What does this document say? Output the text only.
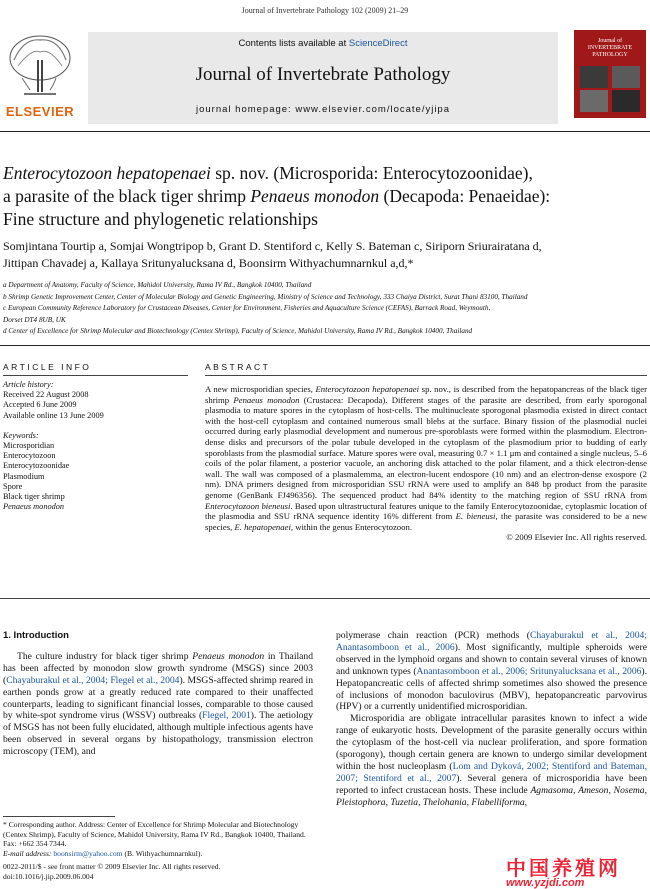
Journal of Invertebrate Pathology 102 (2009) 21–29
ELSEVIER
Contents lists available at ScienceDirect
Journal of Invertebrate Pathology
journal homepage: www.elsevier.com/locate/yjipa
Journal of INVERTEBRATE PATHOLOGY
Enterocytozoon hepatopenaei sp. nov. (Microsporida: Enterocytozoonidae),
a parasite of the black tiger shrimp Penaeus monodon (Decapoda: Penaeidae):
Fine structure and phylogenetic relationships
Somjintana Tourtip a, Somjai Wongtripop b, Grant D. Stentiford c, Kelly S. Bateman c, Siriporn Sriurairatana d,
Jittipan Chavadej a, Kallaya Sritunyalucksana d, Boonsirm Withyachumnarnkul a,d,*
a Department of Anatomy, Faculty of Science, Mahidol University, Rama IV Rd., Bangkok 10400, Thailand
b Shrimp Genetic Improvement Center, Center of Molecular Biology and Genetic Engineering, Ministry of Science and Technology, 333 Chaiya District, Surat Thani 83100, Thailand
c European Community Reference Laboratory for Crustacean Diseases, Center for Environment, Fisheries and Aquaculture Science (CEFAS), Barrack Road, Weymouth,
Dorset DT4 8UB, UK
d Center of Excellence for Shrimp Molecular and Biotechnology (Centex Shrimp), Faculty of Science, Mahidol University, Rama IV Rd., Bangkok 10400, Thailand
ARTICLE INFO
Article history:
Received 22 August 2008
Accepted 6 June 2009
Available online 13 June 2009
Keywords:
Microsporidian
Enterocytozoon
Enterocytozoonidae
Plasmodium
Spore
Black tiger shrimp
Penaeus monodon
ABSTRACT
A new microsporidian species, Enterocytozoon hepatopenaei sp. nov., is described from the hepatopancreas of the black tiger shrimp Penaeus monodon (Crustacea: Decapoda). Different stages of the parasite are described, from early sporogonal plasmodia to mature spores in the cytoplasm of host-cells. The multinucleate sporogonal plasmodia existed in direct contact with the host-cell cytoplasm and contained numerous small blebs at the surface. Binary fission of the plasmodial nuclei occurred during early plasmodial development and numerous pre-sporoblasts were formed within the plasmodium. Electron-dense disks and precursors of the polar tubule developed in the cytoplasm of the plasmodium prior to budding of early sporoblasts from the plasmodial surface. Mature spores were oval, measuring 0.7 × 1.1 μm and contained a single nucleus, 5–6 coils of the polar filament, a posterior vacuole, an anchoring disk attached to the polar filament, and a thick electron-dense wall. The wall was composed of a plasmalemma, an electron-lucent endospore (10 nm) and an electron-dense exospore (2 nm). DNA primers designed from microsporidian SSU rRNA were used to amplify an 848 bp product from the parasite genome (GenBank FJ496356). The sequenced product had 84% identity to the matching region of SSU rRNA from Enterocytozoon bieneusi. Based upon ultrastructural features unique to the family Enterocytozoonidae, cytoplasmic location of the plasmodia and SSU rRNA sequence identity 16% different from E. bieneusi, the parasite was considered to be a new species, E. hepatopenaei, within the genus Enterocytozoon.
© 2009 Elsevier Inc. All rights reserved.
1. Introduction

The culture industry for black tiger shrimp Penaeus monodon in Thailand has been affected by monodon slow growth syndrome (MSGS) since 2003 (Chayaburakul et al., 2004; Flegel et al., 2004). MSGS-affected shrimp reared in earthen ponds grow at a greatly reduced rate compared to their unaffected counterparts, leading to significant financial losses, comparable to those caused by white-spot syndrome virus (WSSV) outbreaks (Flegel, 2001). The aetiology of MSGS has not been fully elucidated, although multiple infectious agents have been observed in several organs by histopathology, transmission electron microscopy (TEM), and

polymerase chain reaction (PCR) methods (Chayaburakul et al., 2004; Anantasomboon et al., 2006). Most significantly, multiple spheroids were observed in the lymphoid organs and shown to contain several viruses of known and unknown types (Anantasomboon et al., 2006; Sritunyalucksana et al., 2006). Hepatopancreatic cells of affected shrimp sometimes also showed the presence of inclusions of monodon baculovirus (MBV), hepatopancreatic parvovirus (HPV) or a currently unidentified microsporidian.

Microsporidia are obligate intracellular parasites known to infect a wide range of eukaryotic hosts. Development of the parasite generally occurs within the cytoplasm of the host-cell via nuclear proliferation, and spore formation (sporogony), though certain genera are known to undergo similar development within the host nucleoplasm (Lom and Dyková, 2002; Stentiford and Bateman, 2007; Stentiford et al., 2007). Several genera of microsporidia have been reported to infect crustacean hosts. These include Agmasoma, Ameson, Nosema, Pleistophora, Tuzetia, Thelohania, Flabelliforma,

* Corresponding author. Address: Center of Excellence for Shrimp Molecular and Biotechnology (Centex Shrimp), Faculty of Science, Mahidol University, Rama IV Rd., Bangkok 10400, Thailand. Fax: +662 354 7344.
E-mail address: boonsirm@yahoo.com (B. Withyachumnarnkul).
0022-2011/$ - see front matter © 2009 Elsevier Inc. All rights reserved.
doi:10.1016/j.jip.2009.06.004	中国养殖网
www.yzjdi.com
